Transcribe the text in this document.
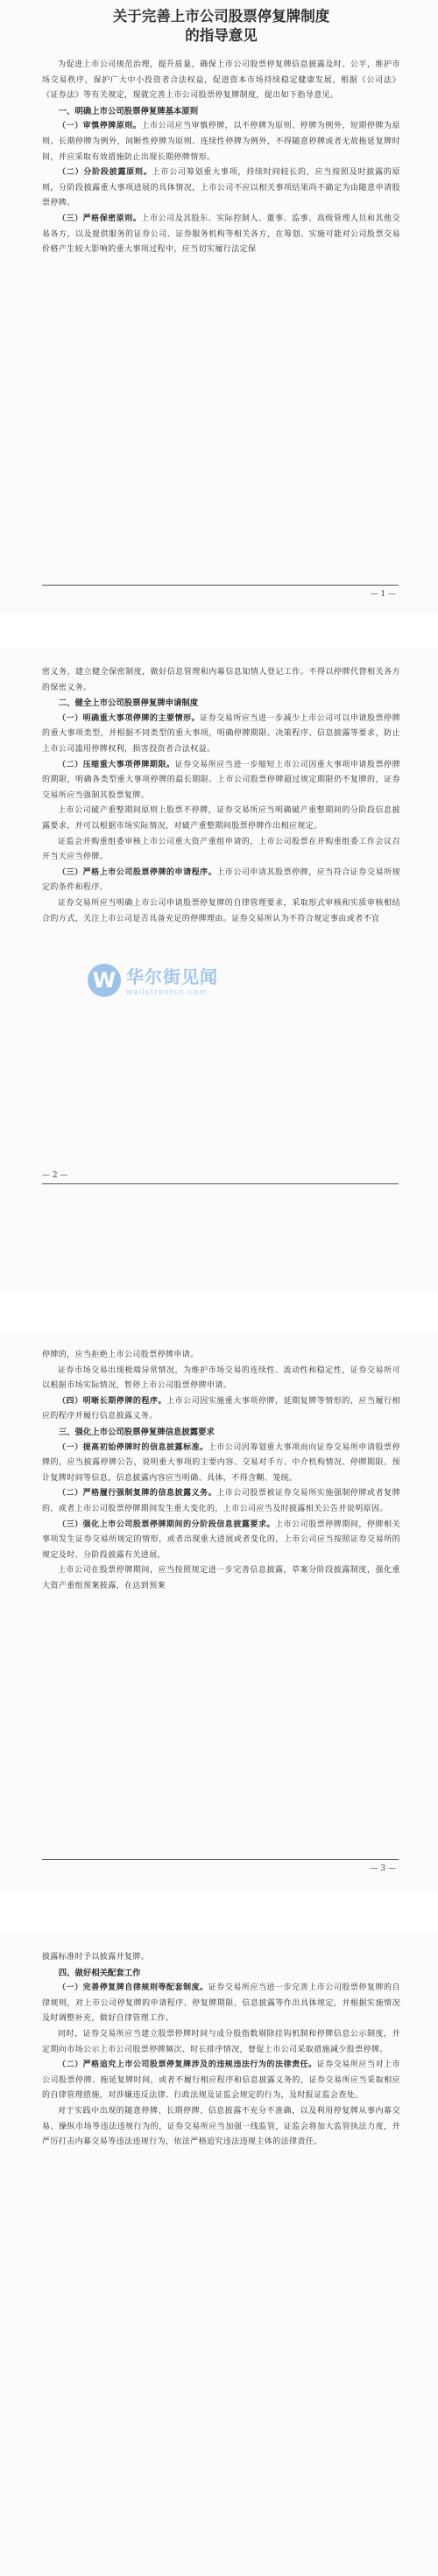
关于完善上市公司股票停复牌制度

的指导意见

为促进上市公司规范治理，提升质量，确保上市公司股票停复牌信息披露及时、公平，维护市场交易秩序，保护广大中小投资者合法权益，促进资本市场持续稳定健康发展，根据《公司法》《证券法》等有关规定，现就完善上市公司股票停复牌制度，提出如下指导意见。

一、明确上市公司股票停复牌基本原则

（一）审慎停牌原则。上市公司应当审慎停牌，以不停牌为原则、停牌为例外，短期停牌为原则、长期停牌为例外，间断性停牌为原则、连续性停牌为例外，不得随意停牌或者无故拖延复牌时间，并应采取有效措施防止出现长期停牌情形。

（二）分阶段披露原则。上市公司筹划重大事项，持续时间较长的，应当按照及时披露的原则，分阶段披露重大事项进展的具体情况，上市公司不应以相关事项结果尚不确定为由随意申请股票停牌。

（三）严格保密原则。上市公司及其股东、实际控制人、董事、监事、高级管理人员和其他交易各方，以及提供服务的证券公司、证券服务机构等相关各方，在筹划、实施可能对公司股票交易价格产生较大影响的重大事项过程中，应当切实履行法定保

— 1 —

密义务，建立健全保密制度，做好信息管理和内幕信息知情人登记工作。不得以停牌代替相关各方的保密义务。

二、健全上市公司股票停复牌申请制度

（一）明确重大事项停牌的主要情形。证券交易所应当进一步减少上市公司可以申请股票停牌的重大事项类型，并根据不同类型的重大事项，明确停牌期限、决策程序、信息披露等要求，防止上市公司滥用停牌权利，损害投资者合法权益。

（二）压缩重大事项停牌期限。证券交易所应当进一步缩短上市公司因重大事项申请股票停牌的期限，明确各类型重大事项停牌的最长期限。上市公司股票停牌超过规定期限仍不复牌的，证券交易所应当强制其股票复牌。

上市公司破产重整期间原则上股票不停牌，证券交易所应当明确破产重整期间的分阶段信息披露要求，并可以根据市场实际情况，对破产重整期间股票停牌作出相应规定。

证监会并购重组委审核上市公司重大资产重组申请的，上市公司股票在并购重组委工作会议召开当天应当停牌。

（三）严格上市公司股票停牌的申请程序。上市公司申请其股票停牌，应当符合证券交易所规定的条件和程序。

证券交易所应当明确上市公司申请股票停复牌的自律管理要求，采取形式审核和实质审核相结合的方式，关注上市公司是否具备充足的停牌理由。证券交易所认为不符合规定事由或者不宜

— 2 —
W 华尔街见闻
wallstreetcn.com

停牌的，应当拒绝上市公司股票停牌申请。

证券市场交易出现极端异常情况，为维护市场交易的连续性、流动性和稳定性，证券交易所可以根据市场实际情况，暂停上市公司股票停牌申请。

（四）明晰长期停牌的程序。上市公司因实施重大事项停牌，延期复牌等情形的，应当履行相应的程序并履行信息披露义务。

三、强化上市公司股票停复牌信息披露要求

（一）提高初始停牌时的信息披露标准。上市公司因筹划重大事项而向证券交易所申请股票停牌的，应当披露停牌公告，说明重大事项的主要内容、交易对手方、中介机构情况、停牌期限、预计复牌时间等信息，信息披露内容应当明确、具体，不得含糊、笼统。

（二）严格履行强制复牌的信息披露义务。上市公司股票被证券交易所实施强制停牌或者复牌的，或者上市公司股票停牌期间发生重大变化的，上市公司应当及时披露相关公告并说明原因。

（三）强化上市公司股票停牌期间的分阶段信息披露要求。上市公司股票停牌期间，停牌相关事项发生证券交易所规定的情形，或者出现重大进展或者变化的，上市公司应当按照证券交易所的规定及时、分阶段披露有关进展。

上市公司在股票停牌期间，应当按照规定进一步完善信息披露，草案分阶段披露制度，强化重大资产重组预案披露，在达到预案

— 3 —

披露标准时予以披露并复牌。

四、做好相关配套工作

（一）完善停复牌自律规则等配套制度。证券交易所应当进一步完善上市公司股票停复牌的自律规则，对上市公司停复牌的申请程序、停复牌期限、信息披露等作出具体规定，并根据实施情况及时调整补充，做好自律管理工作。

同时，证券交易所应当建立股票停牌时间与成分股指数剔除挂钩机制和停牌信息公示制度，并定期向市场公示上市公司股票停牌频次、时长排序情况，督促上市公司采取措施减少股票停牌。

（二）严格追究上市公司股票停复牌涉及的违规违法行为的法律责任。证券交易所应当对上市公司股票停牌、拖延复牌时间，或者不履行相应程序和信息披露义务的，证券交易所应当采取相应的自律管理措施，对涉嫌违反法律、行政法规及证监会规定的行为，及时报证监会查处。

对于实践中出现的随意停牌、长期停牌、信息披露不充分不准确，以及利用停复牌从事内幕交易、操纵市场等违法违规行为的，证券交易所应当加强一线监管，证监会将加大监管执法力度，并严厉打击内幕交易等违法违规行为，依法严格追究违法违规主体的法律责任。
